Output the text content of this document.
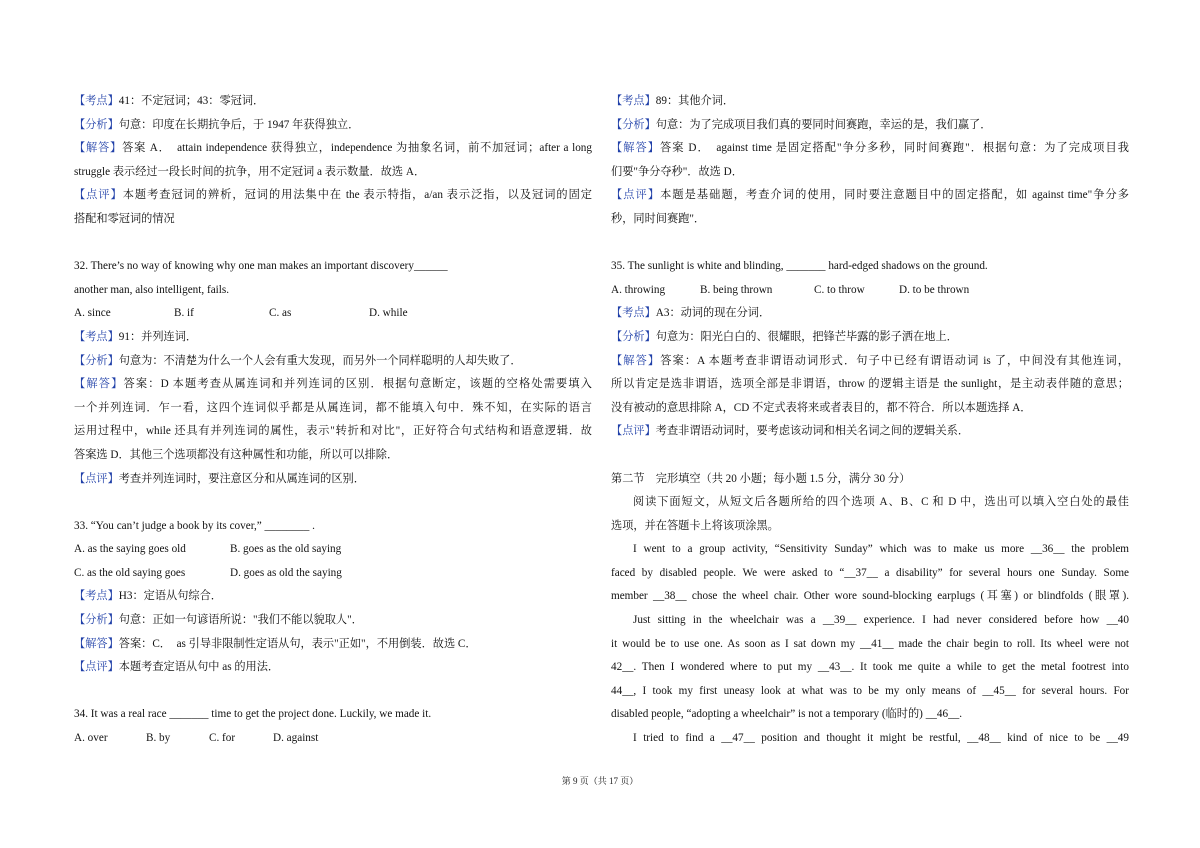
【考点】41：不定冠词；43：零冠词．
【分析】句意：印度在长期抗争后，于 1947 年获得独立．
【解答】答案 A．　attain independence 获得独立，independence 为抽象名词，前不加冠词；after a long
struggle 表示经过一段长时间的抗争，用不定冠词 a 表示数量．故选 A．
【点评】本题考查冠词的辨析，冠词的用法集中在 the 表示特指，a/an 表示泛指，以及冠词的固定
搭配和零冠词的情况
32. There’s no way of knowing why one man makes an important discovery______
another man, also intelligent, fails.
A. since	B. if	C. as	D. while
【考点】91：并列连词．
【分析】句意为：不清楚为什么一个人会有重大发现，而另外一个同样聪明的人却失败了．
【解答】答案：D 本题考查从属连词和并列连词的区别．根据句意断定，该题的空格处需要填入
一个并列连词．乍一看，这四个连词似乎都是从属连词，都不能填入句中．殊不知，在实际的语言
运用过程中，while 还具有并列连词的属性，表示"转折和对比"，正好符合句式结构和语意逻辑．故
答案选 D．其他三个选项都没有这种属性和功能，所以可以排除．
【点评】考查并列连词时，要注意区分和从属连词的区别．
33. “You can’t judge a book by its cover,” ________ .
A. as the saying goes old	B. goes as the old saying
C. as the old saying goes	D. goes as old the saying
【考点】H3：定语从句综合．
【分析】句意：正如一句谚语所说："我们不能以貌取人"．
【解答】答案：C．　as 引导非限制性定语从句，表示"正如"，不用倒装．故选 C．
【点评】本题考查定语从句中 as 的用法．
34. It was a real race _______ time to get the project done. Luckily, we made it.
A. over	B. by	C. for	D. against
【考点】89：其他介词．
【分析】句意：为了完成项目我们真的要同时间赛跑，幸运的是，我们赢了．
【解答】答案 D．　against time 是固定搭配"争分多秒，同时间赛跑"．根据句意：为了完成项目我
们要"争分夺秒"．故选 D．
【点评】本题是基础题，考查介词的使用，同时要注意题目中的固定搭配，如 against time"争分多
秒，同时间赛跑"．
35. The sunlight is white and blinding, _______ hard-edged shadows on the ground.
A. throwing	B. being thrown	C. to throw	D. to be thrown
【考点】A3：动词的现在分词．
【分析】句意为：阳光白白的、很耀眼，把锋芒毕露的影子洒在地上．
【解答】答案：A 本题考查非谓语动词形式．句子中已经有谓语动词 is 了，中间没有其他连词，
所以肯定是选非谓语，选项全部是非谓语，throw 的逻辑主语是 the sunlight，是主动表伴随的意思；
没有被动的意思排除 A，CD 不定式表将来或者表目的，都不符合．所以本题选择 A．
【点评】考查非谓语动词时，要考虑该动词和相关名词之间的逻辑关系．
第二节　完形填空（共 20 小题；每小题 1.5 分，满分 30 分）
阅读下面短文，从短文后各题所给的四个选项 A、B、C 和 D 中，选出可以填入空白处的最佳
选项，并在答题卡上将该项涂黑。
I went to a group activity, “Sensitivity Sunday” which was to make us more __36__ the problem
faced by disabled people. We were asked to “__37__ a disability” for several hours one Sunday. Some
member __38__ chose the wheel chair. Other wore sound-blocking earplugs (耳塞) or blindfolds (眼罩).
Just sitting in the wheelchair was a __39__ experience. I had never considered before how __40
it would be to use one. As soon as I sat down my __41__ made the chair begin to roll. Its wheel were not
42__. Then I wondered where to put my __43__. It took me quite a while to get the metal footrest into
44__, I took my first uneasy look at what was to be my only means of __45__ for several hours. For
disabled people, “adopting a wheelchair” is not a temporary (临时的) __46__.
I tried to find a __47__ position and thought it might be restful, __48__ kind of nice to be __49
第 9 页（共 17 页）
